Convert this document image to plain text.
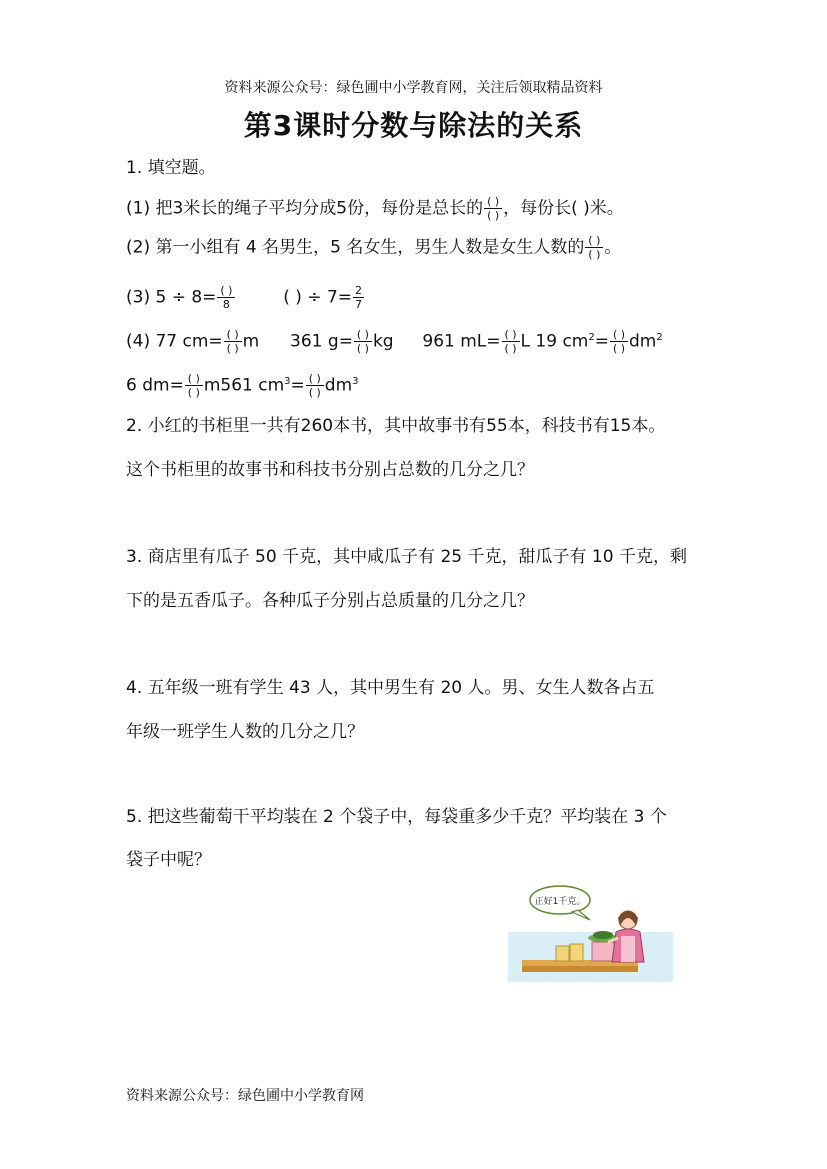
资料来源公众号：绿色圃中小学教育网，关注后领取精品资料
第3课时分数与除法的关系
1. 填空题。
(1) 把3米长的绳子平均分成5份，每份是总长的 $\frac{( )}{( )}$ ，每份长( )米。
(2) 第一小组有 4 名男生，5 名女生，男生人数是女生人数的 $\frac{( )}{( )}$ 。
(3) $5 \div 8= \frac{( )}{8}$	( ) ÷ $7= \frac{2}{7}$
(4) 77 $cm= \frac{( )}{( )}$ m 361 $g= \frac{( )}{( )}$ kg 961 $mL= \frac{( )}{( )}$ L 19 $cm^2= \frac{( )}{( )} dm^2$
6 $dm= \frac{( )}{( )} m561$ $cm^3= \frac{( )}{( )} dm^3$
2. 小红的书柜里一共有260本书，其中故事书有55本，科技书有15本。
这个书柜里的故事书和科技书分别占总数的几分之几？
3. 商店里有瓜子 50 千克，其中咸瓜子有 25 千克，甜瓜子有 10 千克，剩
下的是五香瓜子。各种瓜子分别占总质量的几分之几？
4. 五年级一班有学生 43 人，其中男生有 20 人。男、女生人数各占五
年级一班学生人数的几分之几？
5. 把这些葡萄干平均装在 2 个袋子中，每袋重多少千克？平均装在 3 个
袋子中呢？
正好1千克。
资料来源公众号：绿色圃中小学教育网
